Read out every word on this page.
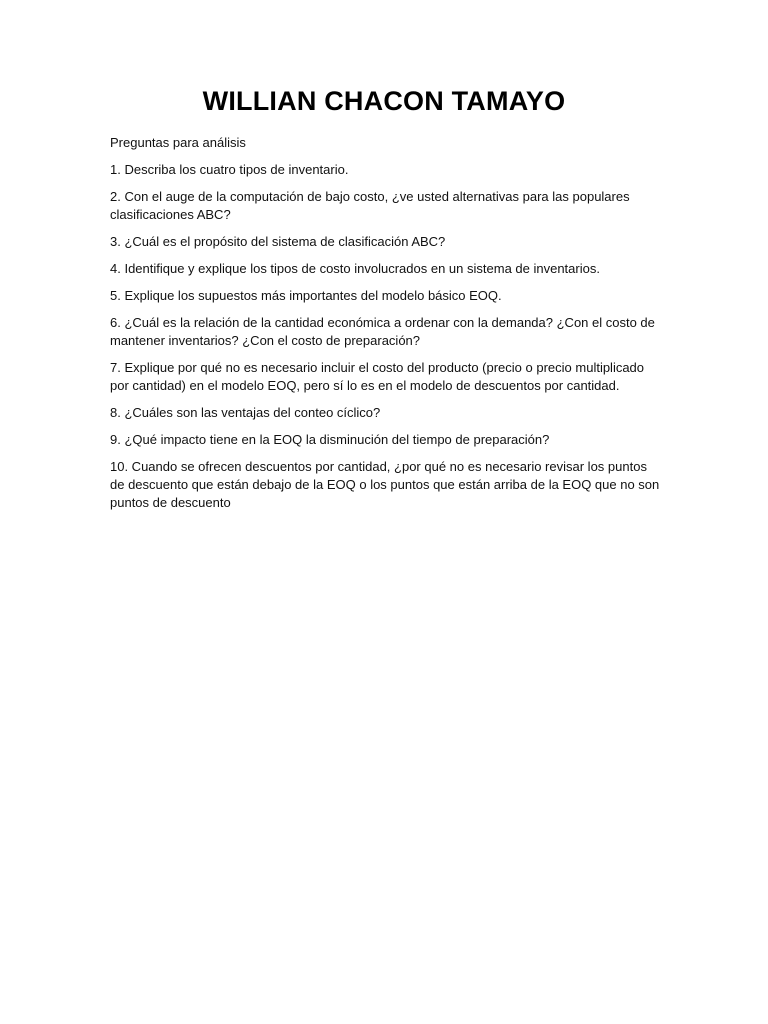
WILLIAN CHACON TAMAYO

Preguntas para análisis

1. Describa los cuatro tipos de inventario.

2. Con el auge de la computación de bajo costo, ¿ve usted alternativas para las populares clasificaciones ABC?

3. ¿Cuál es el propósito del sistema de clasificación ABC?

4. Identifique y explique los tipos de costo involucrados en un sistema de inventarios.

5. Explique los supuestos más importantes del modelo básico EOQ.

6. ¿Cuál es la relación de la cantidad económica a ordenar con la demanda? ¿Con el costo de mantener inventarios? ¿Con el costo de preparación?

7. Explique por qué no es necesario incluir el costo del producto (precio o precio multiplicado por cantidad) en el modelo EOQ, pero sí lo es en el modelo de descuentos por cantidad.

8. ¿Cuáles son las ventajas del conteo cíclico?

9. ¿Qué impacto tiene en la EOQ la disminución del tiempo de preparación?

10. Cuando se ofrecen descuentos por cantidad, ¿por qué no es necesario revisar los puntos de descuento que están debajo de la EOQ o los puntos que están arriba de la EOQ que no son puntos de descuento
